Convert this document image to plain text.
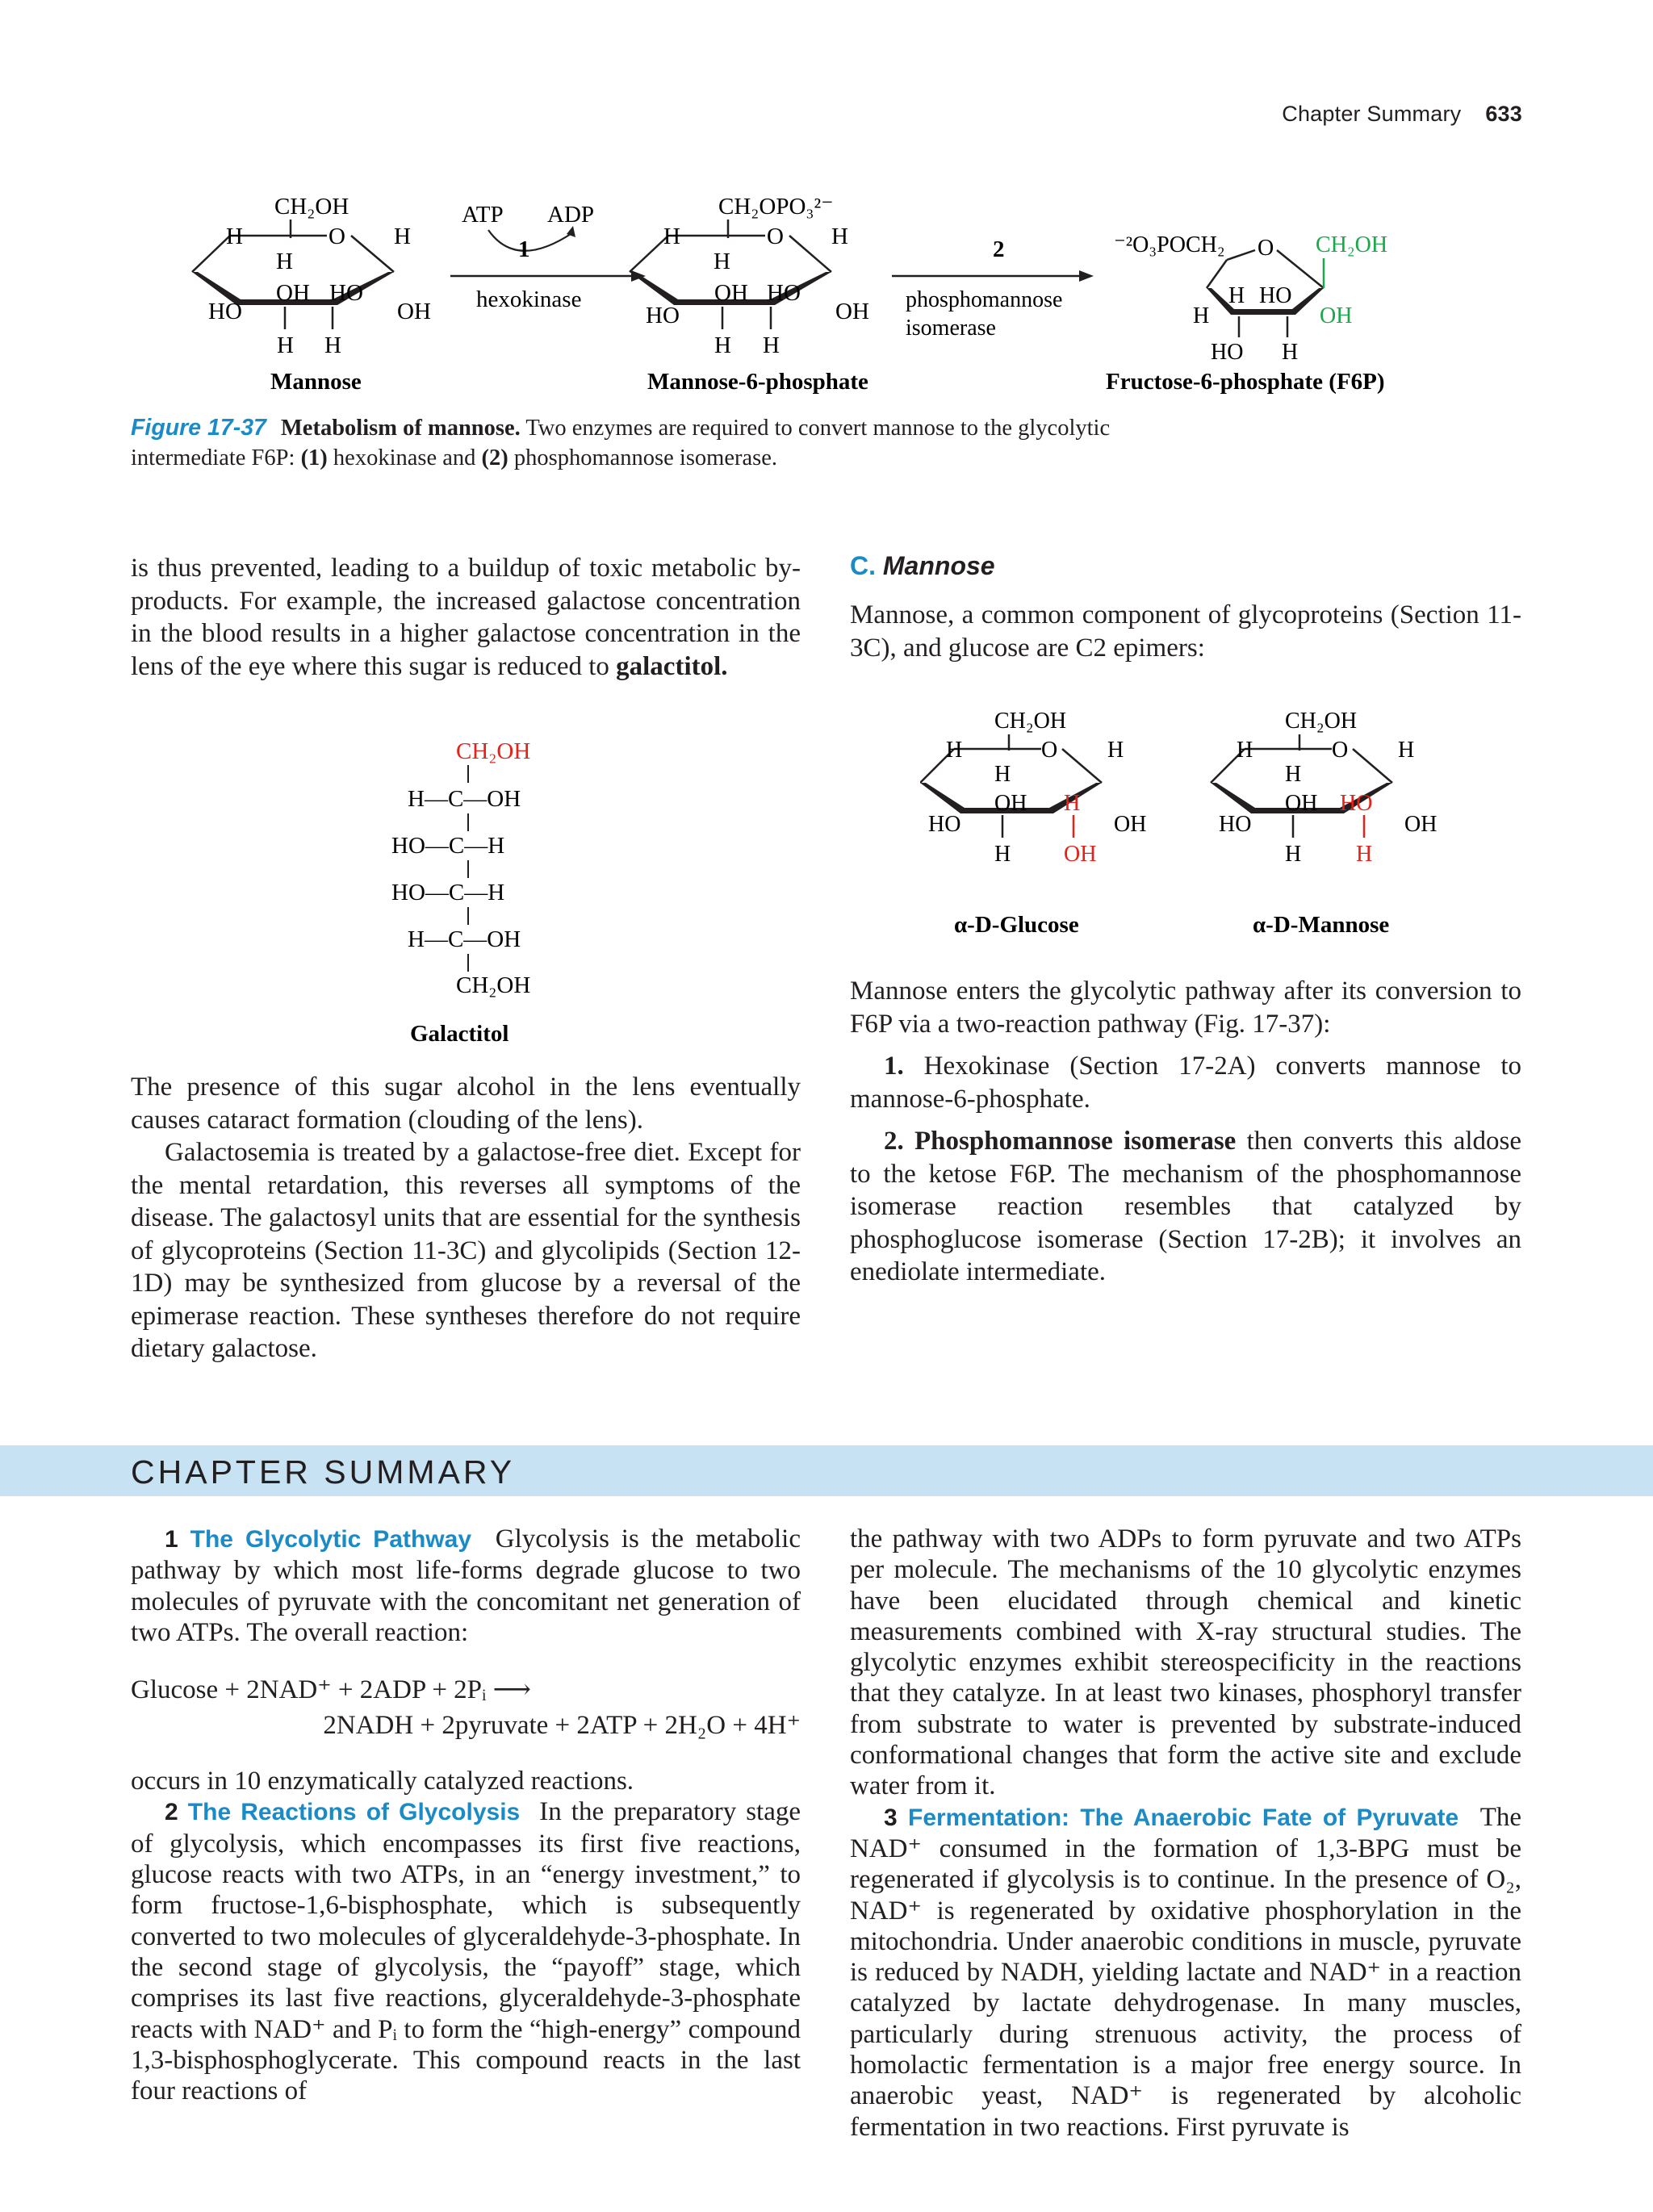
Chapter Summary 633
CH₂OH
O
H	H
H
OH HO
HO	OH
H H
Mannose
ATP ADP
1
hexokinase
CH₂OPO₃²⁻
O
H	H
H
OH HO
HO	OH
H H
Mannose-6-phosphate
2
phosphomannose
isomerase
⁻²O₃POCH₂ O CH₂OH
H HO
H	OH
HO H
Fructose-6-phosphate (F6P)
Figure 17-37 Metabolism of mannose. Two enzymes are required to convert mannose to the glycolytic intermediate F6P: (1) hexokinase and (2) phosphomannose isomerase.

is thus prevented, leading to a buildup of toxic metabolic by-products. For example, the increased galactose concentration in the blood results in a higher galactose concentration in the lens of the eye where this sugar is reduced to galactitol.

CH₂OH
H—C—OH
HO—C—H
HO—C—H
H—C—OH
CH₂OH
Galactitol

The presence of this sugar alcohol in the lens eventually causes cataract formation (clouding of the lens).

Galactosemia is treated by a galactose-free diet. Except for the mental retardation, this reverses all symptoms of the disease. The galactosyl units that are essential for the synthesis of glycoproteins (Section 11-3C) and glycolipids (Section 12-1D) may be synthesized from glucose by a reversal of the epimerase reaction. These syntheses therefore do not require dietary galactose.

C. Mannose

Mannose, a common component of glycoproteins (Section 11-3C), and glucose are C2 epimers:

CH₂OH
O
H	H
H
OH H
HO	OH
H OH
α-D-Glucose
CH₂OH
O
H	H
H
OH HO
HO	OH
H H
α-D-Mannose

Mannose enters the glycolytic pathway after its conversion to F6P via a two-reaction pathway (Fig. 17-37):

1. Hexokinase (Section 17-2A) converts mannose to mannose-6-phosphate.

2. Phosphomannose isomerase then converts this aldose to the ketose F6P. The mechanism of the phosphomannose isomerase reaction resembles that catalyzed by phosphoglucose isomerase (Section 17-2B); it involves an enediolate intermediate.

CHAPTER SUMMARY

1 The Glycolytic Pathway Glycolysis is the metabolic pathway by which most life-forms degrade glucose to two molecules of pyruvate with the concomitant net generation of two ATPs. The overall reaction:

Glucose + 2NAD⁺ + 2ADP + 2Pᵢ ⟶
2NADH + 2pyruvate + 2ATP + 2H₂O + 4H⁺

occurs in 10 enzymatically catalyzed reactions.

2 The Reactions of Glycolysis In the preparatory stage of glycolysis, which encompasses its first five reactions, glucose reacts with two ATPs, in an “energy investment,” to form fructose-1,6-bisphosphate, which is subsequently converted to two molecules of glyceraldehyde-3-phosphate. In the second stage of glycolysis, the “payoff” stage, which comprises its last five reactions, glyceraldehyde-3-phosphate reacts with NAD⁺ and Pᵢ to form the “high-energy” compound 1,3-bisphosphoglycerate. This compound reacts in the last four reactions of

the pathway with two ADPs to form pyruvate and two ATPs per molecule. The mechanisms of the 10 glycolytic enzymes have been elucidated through chemical and kinetic measurements combined with X-ray structural studies. The glycolytic enzymes exhibit stereospecificity in the reactions that they catalyze. In at least two kinases, phosphoryl transfer from substrate to water is prevented by substrate-induced conformational changes that form the active site and exclude water from it.

3 Fermentation: The Anaerobic Fate of Pyruvate The NAD⁺ consumed in the formation of 1,3-BPG must be regenerated if glycolysis is to continue. In the presence of O₂, NAD⁺ is regenerated by oxidative phosphorylation in the mitochondria. Under anaerobic conditions in muscle, pyruvate is reduced by NADH, yielding lactate and NAD⁺ in a reaction catalyzed by lactate dehydrogenase. In many muscles, particularly during strenuous activity, the process of homolactic fermentation is a major free energy source. In anaerobic yeast, NAD⁺ is regenerated by alcoholic fermentation in two reactions. First pyruvate is
